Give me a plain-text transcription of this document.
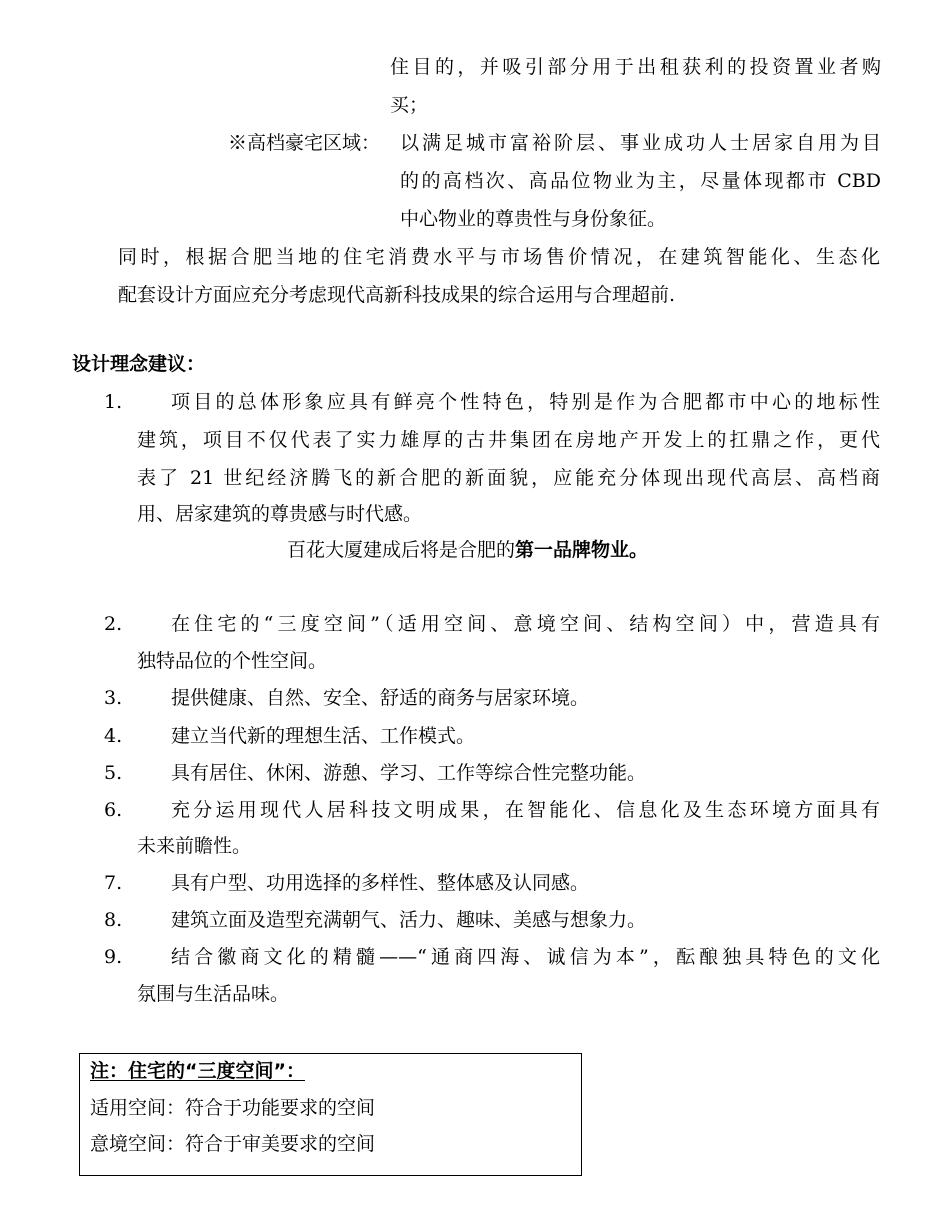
住目的，并吸引部分用于出租获利的投资置业者购
买；
※高档豪宅区域： 以满足城市富裕阶层、事业成功人士居家自用为目
的的高档次、高品位物业为主，尽量体现都市 CBD
中心物业的尊贵性与身份象征。
同时，根据合肥当地的住宅消费水平与市场售价情况，在建筑智能化、生态化
配套设计方面应充分考虑现代高新科技成果的综合运用与合理超前.
设计理念建议：
1.	项目的总体形象应具有鲜亮个性特色，特别是作为合肥都市中心的地标性
建筑，项目不仅代表了实力雄厚的古井集团在房地产开发上的扛鼎之作，更代
表了 21 世纪经济腾飞的新合肥的新面貌，应能充分体现出现代高层、高档商
用、居家建筑的尊贵感与时代感。
百花大厦建成后将是合肥的第一品牌物业。
2.	在住宅的“三度空间”（适用空间、意境空间、结构空间）中，营造具有
独特品位的个性空间。
3.	提供健康、自然、安全、舒适的商务与居家环境。
4.	建立当代新的理想生活、工作模式。
5.	具有居住、休闲、游憩、学习、工作等综合性完整功能。
6.	充分运用现代人居科技文明成果，在智能化、信息化及生态环境方面具有
未来前瞻性。
7.	具有户型、功用选择的多样性、整体感及认同感。
8.	建筑立面及造型充满朝气、活力、趣味、美感与想象力。
9.	结合徽商文化的精髓——“通商四海、诚信为本”，酝酿独具特色的文化
氛围与生活品味。
注：住宅的“三度空间”：
适用空间：符合于功能要求的空间
意境空间：符合于审美要求的空间
